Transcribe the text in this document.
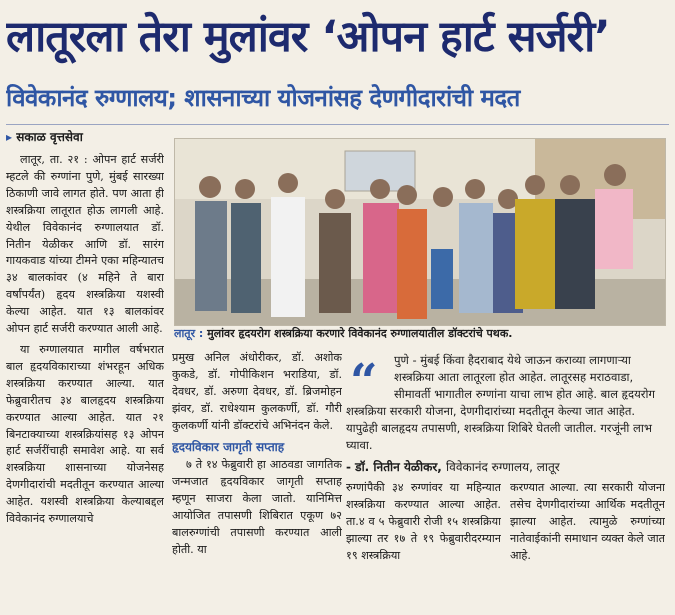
लातूरला तेरा मुलांवर ‘ओपन हार्ट सर्जरी’
विवेकानंद रुग्णालय; शासनाच्या योजनांसह देणगीदारांची मदत
▸ सकाळ वृत्तसेवा

लातूर, ता. २१ : ओपन हार्ट सर्जरी म्हटले की रुग्णांना पुणे, मुंबई सारख्या ठिकाणी जावे लागत होते. पण आता ही शस्त्रक्रिया लातूरात होऊ लागली आहे. येथील विवेकानंद रुग्णालयात डॉ. नितीन येळीकर आणि डॉ. सारंग गायकवाड यांच्या टीमने एका महिन्यातच ३४ बालकांवर (४ महिने ते बारा वर्षांपर्यंत) हृदय शस्त्रक्रिया यशस्वी केल्या आहेत. यात १३ बालकांवर ओपन हार्ट सर्जरी करण्यात आली आहे.

या रुग्णालयात मागील वर्षभरात बाल हृदयविकाराच्या शंभरहून अधिक शस्त्रक्रिया करण्यात आल्या. यात फेब्रुवारीतच ३४ बालहृदय शस्त्रक्रिया करण्यात आल्या आहेत. यात २१ बिनटाक्याच्या शस्त्रक्रियांसह १३ ओपन हार्ट सर्जरींचाही समावेश आहे. या सर्व शस्त्रक्रिया शासनाच्या योजनेसह देणगीदारांची मदतीतून करण्यात आल्या आहेत. यशस्वी शस्त्रक्रिया केल्याबद्दल विवेकानंद रुग्णालयाचे

लातूर : मुलांवर हृदयरोग शस्त्रक्रिया करणारे विवेकानंद रुग्णालयातील डॉक्टरांचे पथक.

प्रमुख अनिल अंधोरीकर, डॉ. अशोक कुकडे, डॉ. गोपीकिशन भराडिया, डॉ. देवधर, डॉ. अरुणा देवधर, डॉ. ब्रिजमोहन झंवर, डॉ. राधेश्याम कुलकर्णी, डॉ. गौरी कुलकर्णी यांनी डॉक्टरांचे अभिनंदन केले.

हृदयविकार जागृती सप्ताह

७ ते १४ फेब्रुवारी हा आठवडा जागतिक जन्मजात हृदयविकार जागृती सप्ताह म्हणून साजरा केला जातो. यानिमित्त आयोजित तपासणी शिबिरात एकूण ७२ बालरुग्णांची तपासणी करण्यात आली होती. या

“	पुणे - मुंबई किंवा हैदराबाद येथे जाऊन कराव्या लागणाऱ्या
शस्त्रक्रिया आता लातूरला होत आहेत. लातूरसह मराठवाडा,
सीमावर्ती भागातील रुग्णांना याचा लाभ होत आहे. बाल हृदयरोग
शस्त्रक्रिया सरकारी योजना, देणगीदारांच्या मदतीतून केल्या जात आहेत.
यापुढेही बालहृदय तपासणी, शस्त्रक्रिया शिबिरे घेतली जातील. गरजूंनी लाभ
घ्यावा.
- डॉ. नितीन येळीकर, विवेकानंद रुग्णालय, लातूर

रुग्णांपैकी ३४ रुग्णांवर या महिन्यात शस्त्रक्रिया करण्यात आल्या आहेत. ता.४ व ५ फेब्रुवारी रोजी १५ शस्त्रक्रिया झाल्या तर १७ ते १९ फेब्रुवारीदरम्यान १९ शस्त्रक्रिया

करण्यात आल्या. त्या सरकारी योजना तसेच देणगीदारांच्या आर्थिक मदतीतून झाल्या आहेत. त्यामुळे रुग्णांच्या नातेवाईकांनी समाधान व्यक्त केले जात आहे.
